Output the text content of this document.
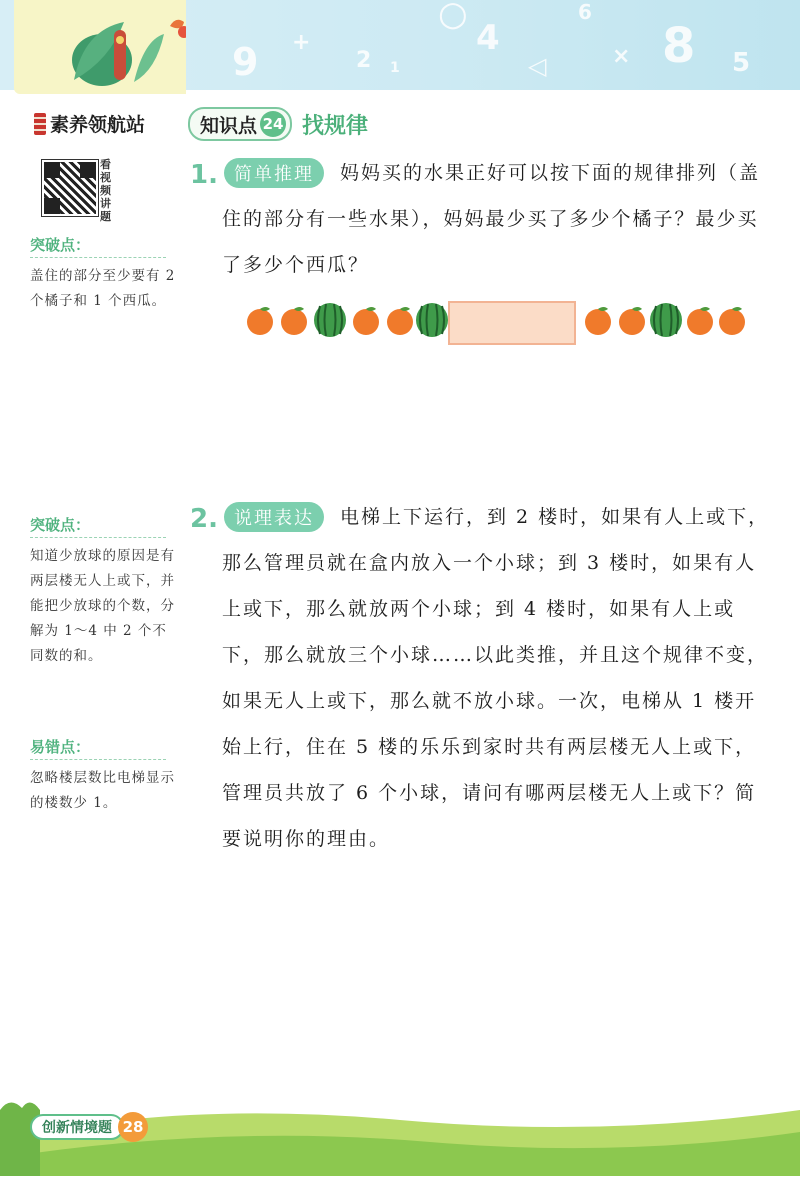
9 +
2 1
○
4
◁
6
× 8 5
素养领航站	知识点 24 找规律
看视频讲题
突破点：
盖住的部分至少要有 2 个橘子和 1 个西瓜。
突破点：
知道少放球的原因是有两层楼无人上或下，并能把少放球的个数，分解为 1～4 中 2 个不同数的和。
易错点：
忽略楼层数比电梯显示的楼数少 1。
1. 简单推理	妈妈买的水果正好可以按下面的规律排列（盖住的部分有一些水果），妈妈最少买了多少个橘子？最少买了多少个西瓜？
2. 说理表达	电梯上下运行，到 2 楼时，如果有人上或下，那么管理员就在盒内放入一个小球；到 3 楼时，如果有人上或下，那么就放两个小球；到 4 楼时，如果有人上或下，那么就放三个小球……以此类推，并且这个规律不变，如果无人上或下，那么就不放小球。一次，电梯从 1 楼开始上行，住在 5 楼的乐乐到家时共有两层楼无人上或下，管理员共放了 6 个小球，请问有哪两层楼无人上或下？简要说明你的理由。
创新情境题 28
